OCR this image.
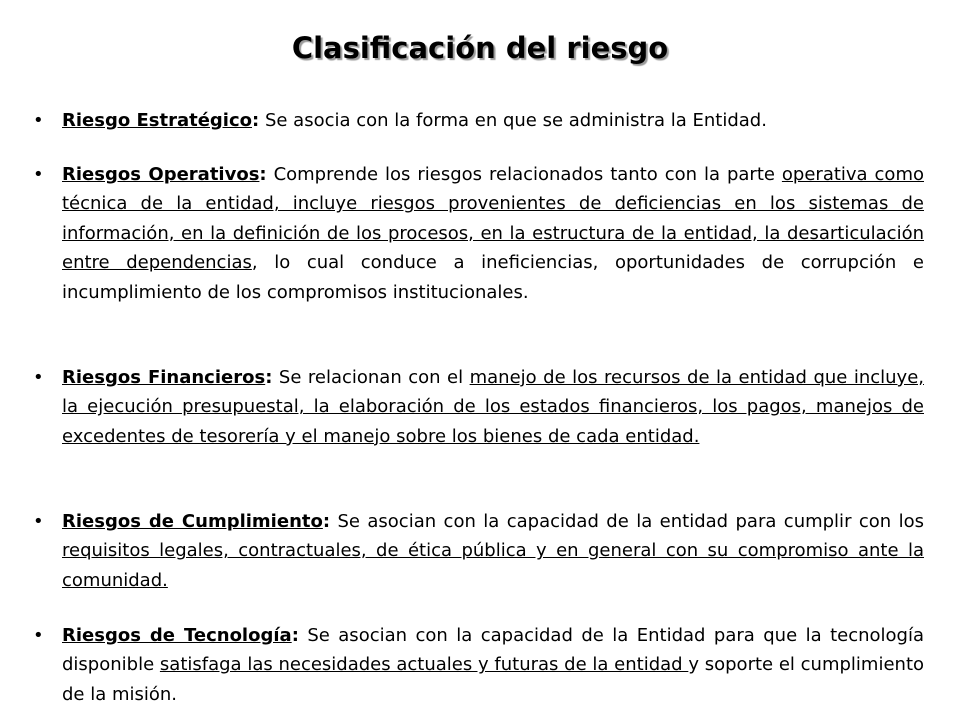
Clasificación del riesgo
• Riesgo Estratégico: Se asocia con la forma en que se administra la Entidad.
• Riesgos Operativos: Comprende los riesgos relacionados tanto con la parte operativa como técnica de la entidad, incluye riesgos provenientes de deficiencias en los sistemas de información, en la definición de los procesos, en la estructura de la entidad, la desarticulación entre dependencias, lo cual conduce a ineficiencias, oportunidades de corrupción e incumplimiento de los compromisos institucionales.
• Riesgos Financieros: Se relacionan con el manejo de los recursos de la entidad que incluye, la ejecución presupuestal, la elaboración de los estados financieros, los pagos, manejos de excedentes de tesorería y el manejo sobre los bienes de cada entidad.
• Riesgos de Cumplimiento: Se asocian con la capacidad de la entidad para cumplir con los requisitos legales, contractuales, de ética pública y en general con su compromiso ante la comunidad.
• Riesgos de Tecnología: Se asocian con la capacidad de la Entidad para que la tecnología disponible satisfaga las necesidades actuales y futuras de la entidad y soporte el cumplimiento de la misión.
